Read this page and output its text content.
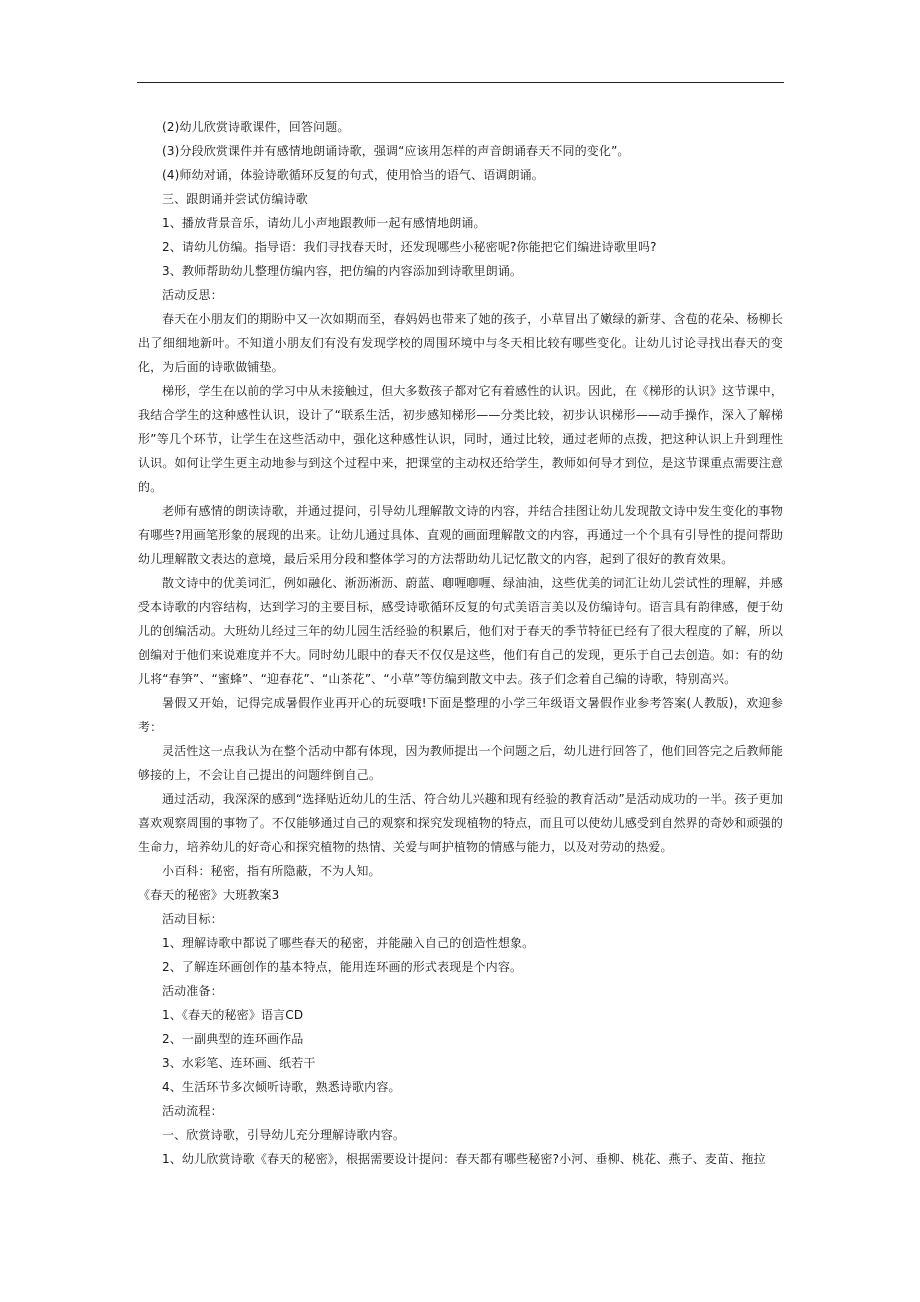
(2)幼儿欣赏诗歌课件，回答问题。

(3)分段欣赏课件并有感情地朗诵诗歌，强调“应该用怎样的声音朗诵春天不同的变化”。

(4)师幼对诵，体验诗歌循环反复的句式，使用恰当的语气、语调朗诵。

三、跟朗诵并尝试仿编诗歌

1、播放背景音乐，请幼儿小声地跟教师一起有感情地朗诵。

2、请幼儿仿编。指导语：我们寻找春天时，还发现哪些小秘密呢?你能把它们编进诗歌里吗?

3、教师帮助幼儿整理仿编内容，把仿编的内容添加到诗歌里朗诵。

活动反思：

春天在小朋友们的期盼中又一次如期而至，春妈妈也带来了她的孩子，小草冒出了嫩绿的新芽、含苞的花朵、杨柳长出了细细地新叶。不知道小朋友们有没有发现学校的周围环境中与冬天相比较有哪些变化。让幼儿讨论寻找出春天的变化，为后面的诗歌做铺垫。

梯形，学生在以前的学习中从未接触过，但大多数孩子都对它有着感性的认识。因此，在《梯形的认识》这节课中，我结合学生的这种感性认识，设计了“联系生活，初步感知梯形——分类比较，初步认识梯形——动手操作，深入了解梯形”等几个环节，让学生在这些活动中，强化这种感性认识，同时，通过比较，通过老师的点拨，把这种认识上升到理性认识。如何让学生更主动地参与到这个过程中来，把课堂的主动权还给学生，教师如何导才到位，是这节课重点需要注意的。

老师有感情的朗读诗歌，并通过提问，引导幼儿理解散文诗的内容，并结合挂图让幼儿发现散文诗中发生变化的事物有哪些?用画笔形象的展现的出来。让幼儿通过具体、直观的画面理解散文的内容，再通过一个个具有引导性的提问帮助幼儿理解散文表达的意境，最后采用分段和整体学习的方法帮助幼儿记忆散文的内容，起到了很好的教育效果。

散文诗中的优美词汇，例如融化、淅沥淅沥、蔚蓝、喞喱喞喱、绿油油，这些优美的词汇让幼儿尝试性的理解，并感受本诗歌的内容结构，达到学习的主要目标，感受诗歌循环反复的句式美语言美以及仿编诗句。语言具有韵律感，便于幼儿的创编活动。大班幼儿经过三年的幼儿园生活经验的积累后，他们对于春天的季节特征已经有了很大程度的了解，所以创编对于他们来说难度并不大。同时幼儿眼中的春天不仅仅是这些，他们有自己的发现，更乐于自己去创造。如：有的幼儿将“春笋”、“蜜蜂”、“迎春花”、“山茶花”、“小草”等仿编到散文中去。孩子们念着自己编的诗歌，特别高兴。

暑假又开始，记得完成暑假作业再开心的玩耍哦!下面是整理的小学三年级语文暑假作业参考答案(人教版)，欢迎参考：

灵活性这一点我认为在整个活动中都有体现，因为教师提出一个问题之后，幼儿进行回答了，他们回答完之后教师能够接的上，不会让自己提出的问题绊倒自己。

通过活动，我深深的感到“选择贴近幼儿的生活、符合幼儿兴趣和现有经验的教育活动”是活动成功的一半。孩子更加喜欢观察周围的事物了。不仅能够通过自己的观察和探究发现植物的特点，而且可以使幼儿感受到自然界的奇妙和顽强的生命力，培养幼儿的好奇心和探究植物的热情、关爱与呵护植物的情感与能力，以及对劳动的热爱。

小百科：秘密，指有所隐蔽，不为人知。

《春天的秘密》大班教案3

活动目标：

1、理解诗歌中都说了哪些春天的秘密，并能融入自己的创造性想象。

2、了解连环画创作的基本特点，能用连环画的形式表现是个内容。

活动准备：

1、《春天的秘密》语言CD

2、一副典型的连环画作品

3、水彩笔、连环画、纸若干

4、生活环节多次倾听诗歌，熟悉诗歌内容。

活动流程：

一、欣赏诗歌，引导幼儿充分理解诗歌内容。

1、幼儿欣赏诗歌《春天的秘密》，根据需要设计提问：春天都有哪些秘密?小河、垂柳、桃花、燕子、麦苗、拖拉
